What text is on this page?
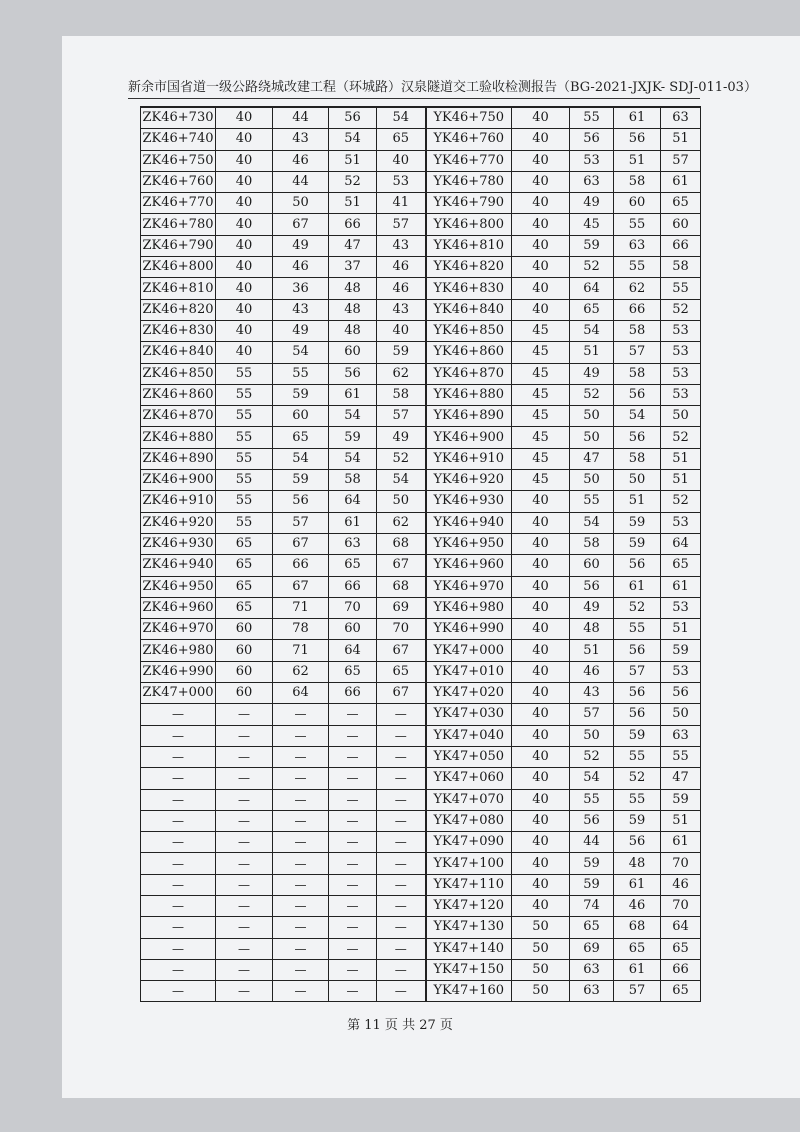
新余市国省道一级公路绕城改建工程（环城路）汉泉隧道交工验收检测报告（BG-2021-JXJK- SDJ-011-03）
ZK46+730	40	44	56	54	YK46+750	40	55	61	63
ZK46+740	40	43	54	65	YK46+760	40	56	56	51
ZK46+750	40	46	51	40	YK46+770	40	53	51	57
ZK46+760	40	44	52	53	YK46+780	40	63	58	61
ZK46+770	40	50	51	41	YK46+790	40	49	60	65
ZK46+780	40	67	66	57	YK46+800	40	45	55	60
ZK46+790	40	49	47	43	YK46+810	40	59	63	66
ZK46+800	40	46	37	46	YK46+820	40	52	55	58
ZK46+810	40	36	48	46	YK46+830	40	64	62	55
ZK46+820	40	43	48	43	YK46+840	40	65	66	52
ZK46+830	40	49	48	40	YK46+850	45	54	58	53
ZK46+840	40	54	60	59	YK46+860	45	51	57	53
ZK46+850	55	55	56	62	YK46+870	45	49	58	53
ZK46+860	55	59	61	58	YK46+880	45	52	56	53
ZK46+870	55	60	54	57	YK46+890	45	50	54	50
ZK46+880	55	65	59	49	YK46+900	45	50	56	52
ZK46+890	55	54	54	52	YK46+910	45	47	58	51
ZK46+900	55	59	58	54	YK46+920	45	50	50	51
ZK46+910	55	56	64	50	YK46+930	40	55	51	52
ZK46+920	55	57	61	62	YK46+940	40	54	59	53
ZK46+930	65	67	63	68	YK46+950	40	58	59	64
ZK46+940	65	66	65	67	YK46+960	40	60	56	65
ZK46+950	65	67	66	68	YK46+970	40	56	61	61
ZK46+960	65	71	70	69	YK46+980	40	49	52	53
ZK46+970	60	78	60	70	YK46+990	40	48	55	51
ZK46+980	60	71	64	67	YK47+000	40	51	56	59
ZK46+990	60	62	65	65	YK47+010	40	46	57	53
ZK47+000	60	64	66	67	YK47+020	40	43	56	56
—	—	—	—	—	YK47+030	40	57	56	50
—	—	—	—	—	YK47+040	40	50	59	63
—	—	—	—	—	YK47+050	40	52	55	55
—	—	—	—	—	YK47+060	40	54	52	47
—	—	—	—	—	YK47+070	40	55	55	59
—	—	—	—	—	YK47+080	40	56	59	51
—	—	—	—	—	YK47+090	40	44	56	61
—	—	—	—	—	YK47+100	40	59	48	70
—	—	—	—	—	YK47+110	40	59	61	46
—	—	—	—	—	YK47+120	40	74	46	70
—	—	—	—	—	YK47+130	50	65	68	64
—	—	—	—	—	YK47+140	50	69	65	65
—	—	—	—	—	YK47+150	50	63	61	66
—	—	—	—	—	YK47+160	50	63	57	65
第 11 页 共 27 页
